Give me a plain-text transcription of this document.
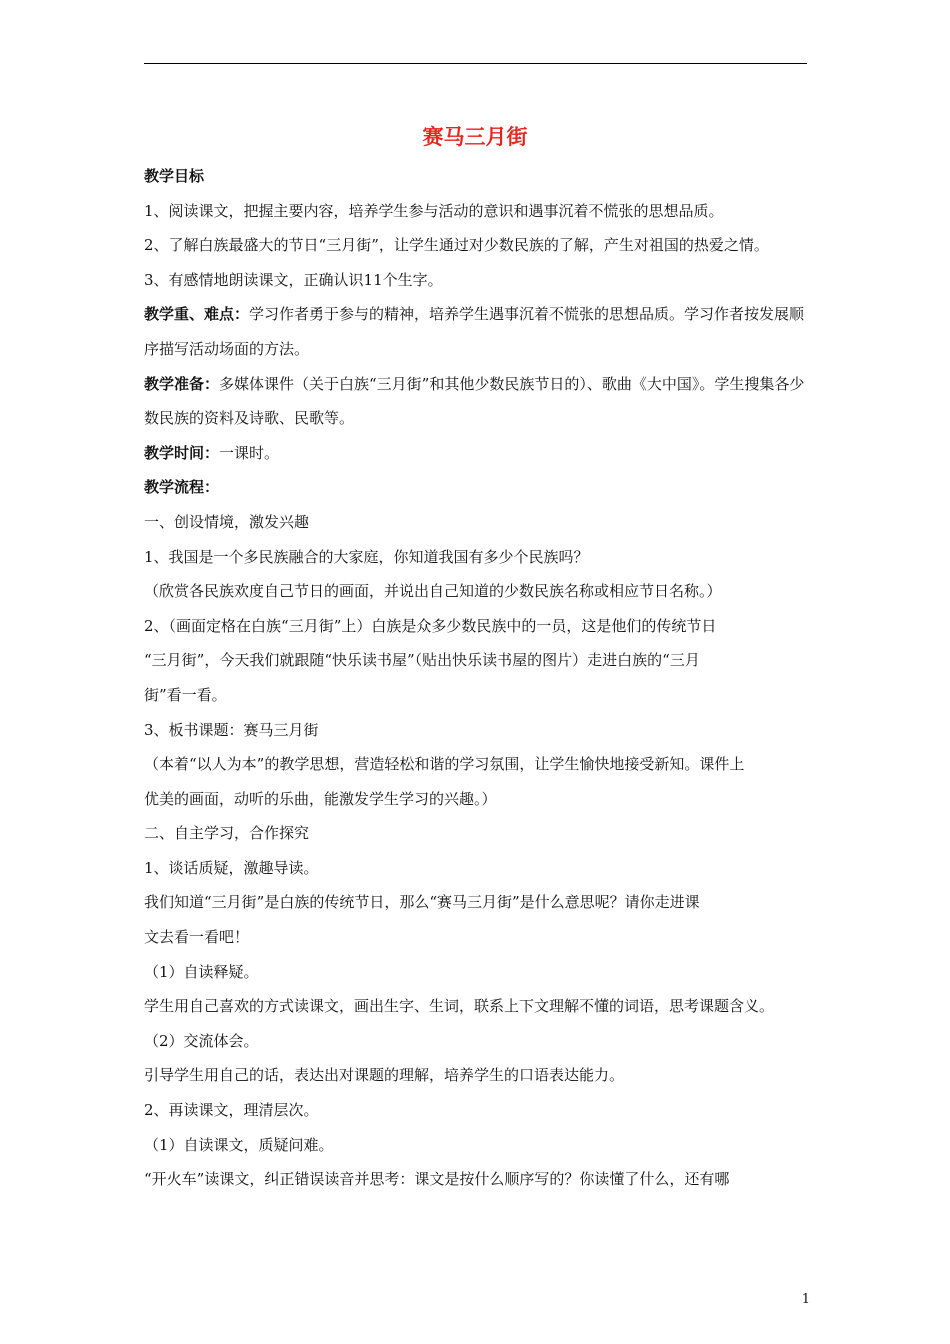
赛马三月街

教学目标

1、阅读课文，把握主要内容，培养学生参与活动的意识和遇事沉着不慌张的思想品质。

2、了解白族最盛大的节日“三月街”，让学生通过对少数民族的了解，产生对祖国的热爱之情。

3、有感情地朗读课文，正确认识11个生字。

教学重、难点：学习作者勇于参与的精神，培养学生遇事沉着不慌张的思想品质。学习作者按发展顺序描写活动场面的方法。

教学准备：多媒体课件（关于白族“三月街”和其他少数民族节日的）、歌曲《大中国》。学生搜集各少数民族的资料及诗歌、民歌等。

教学时间：一课时。

教学流程：

一、创设情境，激发兴趣

1、我国是一个多民族融合的大家庭，你知道我国有多少个民族吗？

（欣赏各民族欢度自己节日的画面，并说出自己知道的少数民族名称或相应节日名称。）

2、（画面定格在白族“三月街”上）白族是众多少数民族中的一员，这是他们的传统节日

“三月街”，今天我们就跟随“快乐读书屋”（贴出快乐读书屋的图片）走进白族的“三月

街”看一看。

3、板书课题：赛马三月街

（本着“以人为本”的教学思想，营造轻松和谐的学习氛围，让学生愉快地接受新知。课件上

优美的画面，动听的乐曲，能激发学生学习的兴趣。）

二、自主学习，合作探究

1、谈话质疑，激趣导读。

我们知道“三月街”是白族的传统节日，那么“赛马三月街”是什么意思呢？请你走进课

文去看一看吧！

（1）自读释疑。

学生用自己喜欢的方式读课文，画出生字、生词，联系上下文理解不懂的词语，思考课题含义。

（2）交流体会。

引导学生用自己的话，表达出对课题的理解，培养学生的口语表达能力。

2、再读课文，理清层次。

（1）自读课文，质疑问难。

“开火车”读课文，纠正错误读音并思考：课文是按什么顺序写的？你读懂了什么，还有哪

1
